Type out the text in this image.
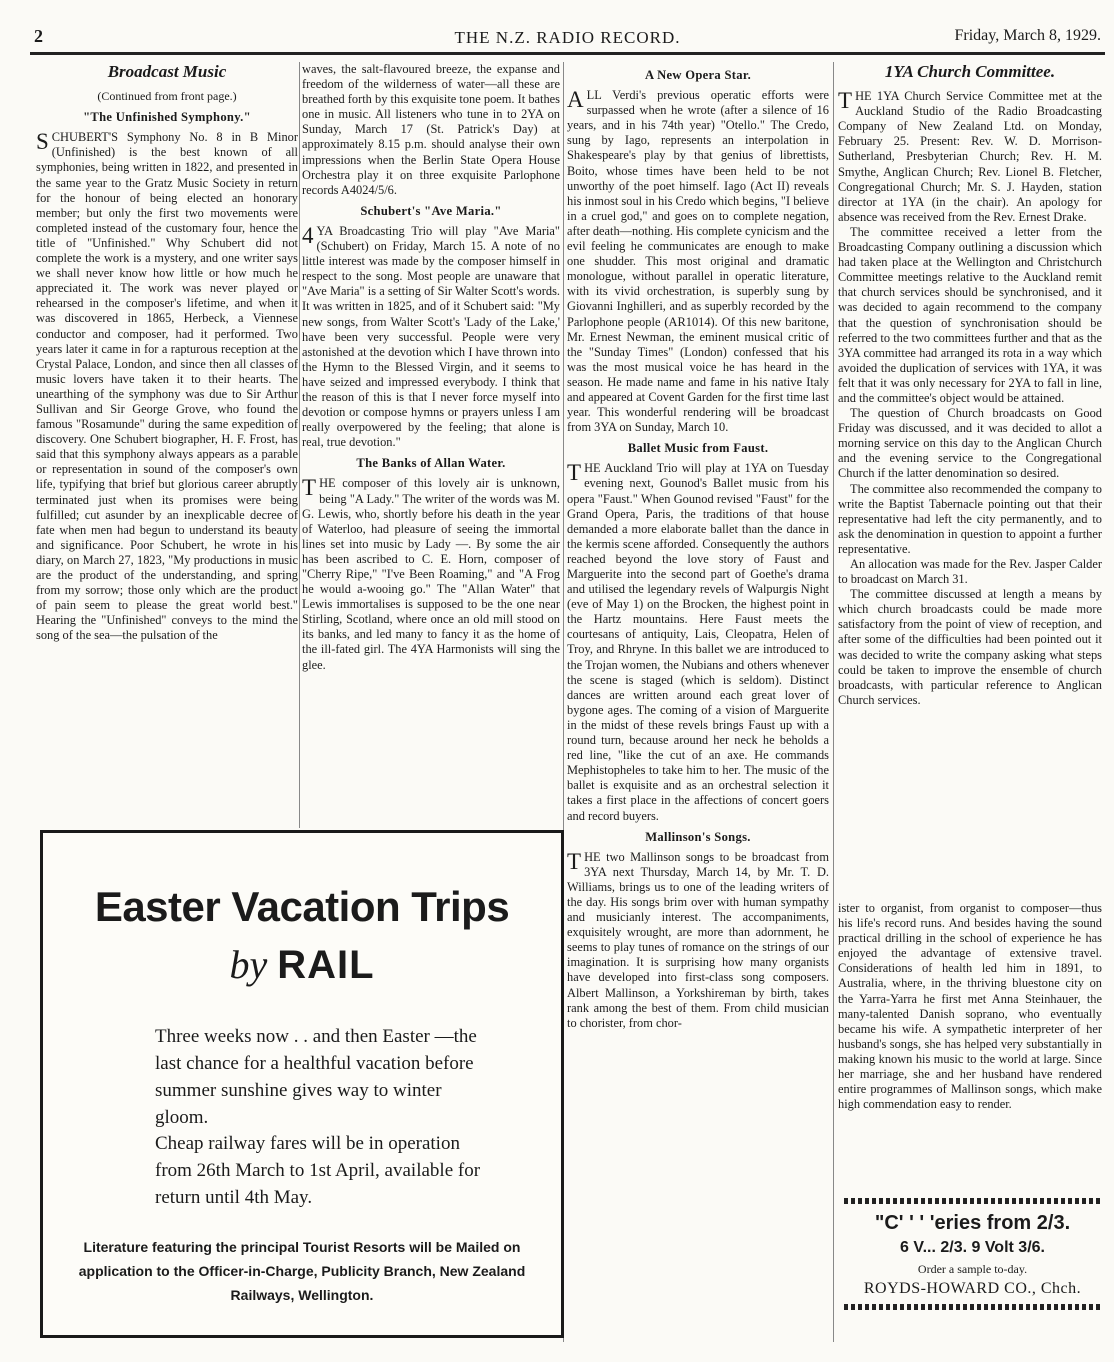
2	THE N.Z. RADIO RECORD.	Friday, March 8, 1929.
Broadcast Music
(Continued from front page.)
"The Unfinished Symphony."

SCHUBERT'S Symphony No. 8 in B Minor (Unfinished) is the best known of all symphonies, being written in 1822, and presented in the same year to the Gratz Music Society in return for the honour of being elected an honorary member; but only the first two movements were completed instead of the customary four, hence the title of "Unfinished." Why Schubert did not complete the work is a mystery, and one writer says we shall never know how little or how much he appreciated it. The work was never played or rehearsed in the composer's lifetime, and when it was discovered in 1865, Herbeck, a Viennese conductor and composer, had it performed. Two years later it came in for a rapturous reception at the Crystal Palace, London, and since then all classes of music lovers have taken it to their hearts. The unearthing of the symphony was due to Sir Arthur Sullivan and Sir George Grove, who found the famous "Rosamunde" during the same expedition of discovery. One Schubert biographer, H. F. Frost, has said that this symphony always appears as a parable or representation in sound of the composer's own life, typifying that brief but glorious career abruptly terminated just when its promises were being fulfilled; cut asunder by an inexplicable decree of fate when men had begun to understand its beauty and significance. Poor Schubert, he wrote in his diary, on March 27, 1823, "My productions in music are the product of the understanding, and spring from my sorrow; those only which are the product of pain seem to please the great world best." Hearing the "Unfinished" conveys to the mind the song of the sea—the pulsation of the

waves, the salt-flavoured breeze, the expanse and freedom of the wilderness of water—all these are breathed forth by this exquisite tone poem. It bathes one in music. All listeners who tune in to 2YA on Sunday, March 17 (St. Patrick's Day) at approximately 8.15 p.m. should analyse their own impressions when the Berlin State Opera House Orchestra play it on three exquisite Parlophone records A4024/5/6.

Schubert's "Ave Maria."

4YA Broadcasting Trio will play "Ave Maria" (Schubert) on Friday, March 15. A note of no little interest was made by the composer himself in respect to the song. Most people are unaware that "Ave Maria" is a setting of Sir Walter Scott's words. It was written in 1825, and of it Schubert said: "My new songs, from Walter Scott's 'Lady of the Lake,' have been very successful. People were very astonished at the devotion which I have thrown into the Hymn to the Blessed Virgin, and it seems to have seized and impressed everybody. I think that the reason of this is that I never force myself into devotion or compose hymns or prayers unless I am really overpowered by the feeling; that alone is real, true devotion."

The Banks of Allan Water.

THE composer of this lovely air is unknown, being "A Lady." The writer of the words was M. G. Lewis, who, shortly before his death in the year of Waterloo, had pleasure of seeing the immortal lines set into music by Lady —. By some the air has been ascribed to C. E. Horn, composer of "Cherry Ripe," "I've Been Roaming," and "A Frog he would a-wooing go." The "Allan Water" that Lewis immortalises is supposed to be the one near Stirling, Scotland, where once an old mill stood on its banks, and led many to fancy it as the home of the ill-fated girl. The 4YA Harmonists will sing the glee.

A New Opera Star.

ALL Verdi's previous operatic efforts were surpassed when he wrote (after a silence of 16 years, and in his 74th year) "Otello." The Credo, sung by Iago, represents an interpolation in Shakespeare's play by that genius of librettists, Boito, whose times have been held to be not unworthy of the poet himself. Iago (Act II) reveals his inmost soul in his Credo which begins, "I believe in a cruel god," and goes on to complete negation, after death—nothing. His complete cynicism and the evil feeling he communicates are enough to make one shudder. This most original and dramatic monologue, without parallel in operatic literature, with its vivid orchestration, is superbly sung by Giovanni Inghilleri, and as superbly recorded by the Parlophone people (AR1014). Of this new baritone, Mr. Ernest Newman, the eminent musical critic of the "Sunday Times" (London) confessed that his was the most musical voice he has heard in the season. He made name and fame in his native Italy and appeared at Covent Garden for the first time last year. This wonderful rendering will be broadcast from 3YA on Sunday, March 10.

Ballet Music from Faust.

THE Auckland Trio will play at 1YA on Tuesday evening next, Gounod's Ballet music from his opera "Faust." When Gounod revised "Faust" for the Grand Opera, Paris, the traditions of that house demanded a more elaborate ballet than the dance in the kermis scene afforded. Consequently the authors reached beyond the love story of Faust and Marguerite into the second part of Goethe's drama and utilised the legendary revels of Walpurgis Night (eve of May 1) on the Brocken, the highest point in the Hartz mountains. Here Faust meets the courtesans of antiquity, Lais, Cleopatra, Helen of Troy, and Rhryne. In this ballet we are introduced to the Trojan women, the Nubians and others whenever the scene is staged (which is seldom). Distinct dances are written around each great lover of bygone ages. The coming of a vision of Marguerite in the midst of these revels brings Faust up with a round turn, because around her neck he beholds a red line, "like the cut of an axe. He commands Mephistopheles to take him to her. The music of the ballet is exquisite and as an orchestral selection it takes a first place in the affections of concert goers and record buyers.

Mallinson's Songs.

THE two Mallinson songs to be broadcast from 3YA next Thursday, March 14, by Mr. T. D. Williams, brings us to one of the leading writers of the day. His songs brim over with human sympathy and musicianly interest. The accompaniments, exquisitely wrought, are more than adornment, he seems to play tunes of romance on the strings of our imagination. It is surprising how many organists have developed into first-class song composers. Albert Mallinson, a Yorkshireman by birth, takes rank among the best of them. From child musician to chorister, from chor-

1YA Church Committee.

THE 1YA Church Service Committee met at the Auckland Studio of the Radio Broadcasting Company of New Zealand Ltd. on Monday, February 25. Present: Rev. W. D. Morrison-Sutherland, Presbyterian Church; Rev. H. M. Smythe, Anglican Church; Rev. Lionel B. Fletcher, Congregational Church; Mr. S. J. Hayden, station director at 1YA (in the chair). An apology for absence was received from the Rev. Ernest Drake.

The committee received a letter from the Broadcasting Company outlining a discussion which had taken place at the Wellington and Christchurch Committee meetings relative to the Auckland remit that church services should be synchronised, and it was decided to again recommend to the company that the question of synchronisation should be referred to the two committees further and that as the 3YA committee had arranged its rota in a way which avoided the duplication of services with 1YA, it was felt that it was only necessary for 2YA to fall in line, and the committee's object would be attained.

The question of Church broadcasts on Good Friday was discussed, and it was decided to allot a morning service on this day to the Anglican Church and the evening service to the Congregational Church if the latter denomination so desired.

The committee also recommended the company to write the Baptist Tabernacle pointing out that their representative had left the city permanently, and to ask the denomination in question to appoint a further representative.

An allocation was made for the Rev. Jasper Calder to broadcast on March 31.

The committee discussed at length a means by which church broadcasts could be made more satisfactory from the point of view of reception, and after some of the difficulties had been pointed out it was decided to write the company asking what steps could be taken to improve the ensemble of church broadcasts, with particular reference to Anglican Church services.

ister to organist, from organist to composer—thus his life's record runs. And besides having the sound practical drilling in the school of experience he has enjoyed the advantage of extensive travel. Considerations of health led him in 1891, to Australia, where, in the thriving bluestone city on the Yarra-Yarra he first met Anna Steinhauer, the many-talented Danish soprano, who eventually became his wife. A sympathetic interpreter of her husband's songs, she has helped very substantially in making known his music to the world at large. Since her marriage, she and her husband have rendered entire programmes of Mallinson songs, which make high commendation easy to render.

Easter Vacation Trips
by RAIL
Three weeks now . . and then Easter —the last chance for a healthful vacation before summer sunshine gives way to winter gloom.
Cheap railway fares will be in operation from 26th March to 1st April, available for return until 4th May.
Literature featuring the principal Tourist Resorts will be Mailed on application to the Officer-in-Charge, Publicity Branch, New Zealand Railways, Wellington.
"C' ' ' 'eries from 2/3.
6 V... 2/3. 9 Volt 3/6.
Order a sample to-day.
ROYDS-HOWARD CO., Chch.
